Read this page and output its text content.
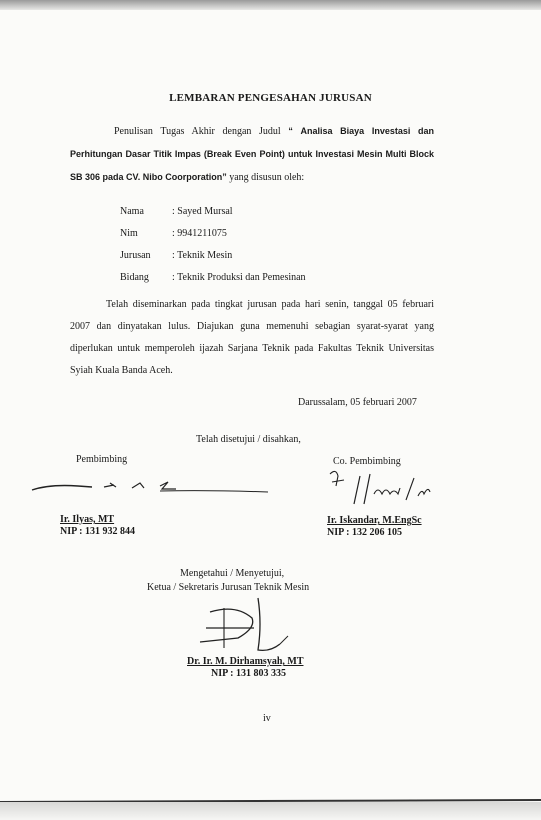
LEMBARAN PENGESAHAN JURUSAN
Penulisan Tugas Akhir dengan Judul “ Analisa Biaya Investasi dan Perhitungan Dasar Titik Impas (Break Even Point) untuk Investasi Mesin Multi Block SB 306 pada CV. Nibo Coorporation” yang disusun oleh:
Nama	: Sayed Mursal
Nim	: 9941211075
Jurusan	: Teknik Mesin
Bidang	: Teknik Produksi dan Pemesinan
Telah diseminarkan pada tingkat jurusan pada hari senin, tanggal 05 februari 2007 dan dinyatakan lulus. Diajukan guna memenuhi sebagian syarat-syarat yang diperlukan untuk memperoleh ijazah Sarjana Teknik pada Fakultas Teknik Universitas Syiah Kuala Banda Aceh.
Darussalam, 05 februari 2007
Telah disetujui / disahkan,
Pembimbing	Co. Pembimbing
Ir. Ilyas, MT
NIP : 131 932 844
Ir. Iskandar, M.EngSc
NIP : 132 206 105
Mengetahui / Menyetujui,
Ketua / Sekretaris Jurusan Teknik Mesin
Dr. Ir. M. Dirhamsyah, MT
NIP : 131 803 335
iv
